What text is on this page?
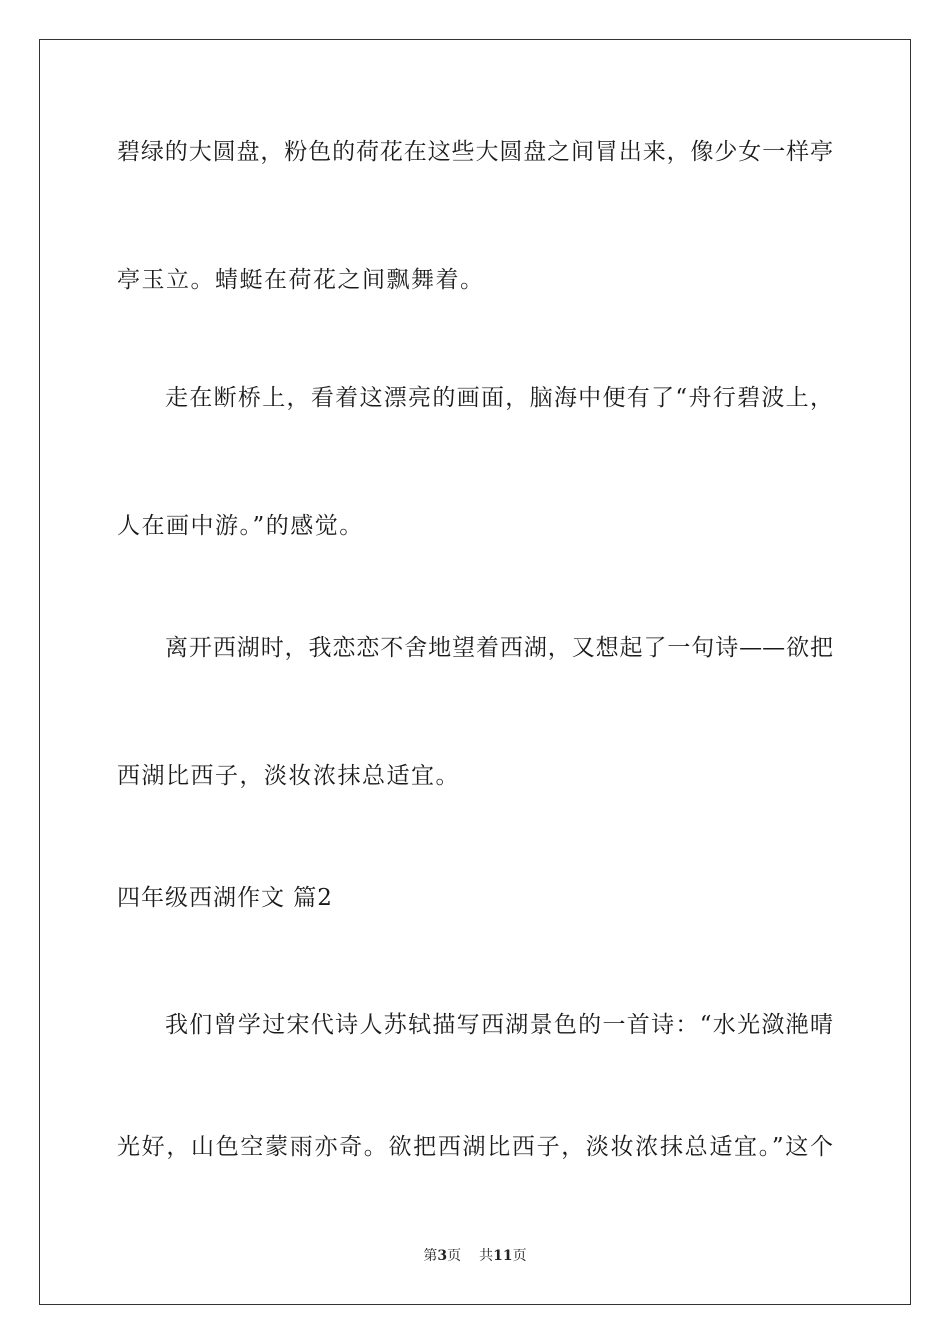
碧绿的大圆盘，粉色的荷花在这些大圆盘之间冒出来，像少女一样亭
亭玉立。蜻蜓在荷花之间飘舞着。
走在断桥上，看着这漂亮的画面，脑海中便有了“舟行碧波上，
人在画中游。”的感觉。
离开西湖时，我恋恋不舍地望着西湖，又想起了一句诗——欲把
西湖比西子，淡妆浓抹总适宜。
四年级西湖作文 篇2
我们曾学过宋代诗人苏轼描写西湖景色的一首诗：“水光潋滟晴
光好，山色空蒙雨亦奇。欲把西湖比西子，淡妆浓抹总适宜。”这个
第3页 共11页
